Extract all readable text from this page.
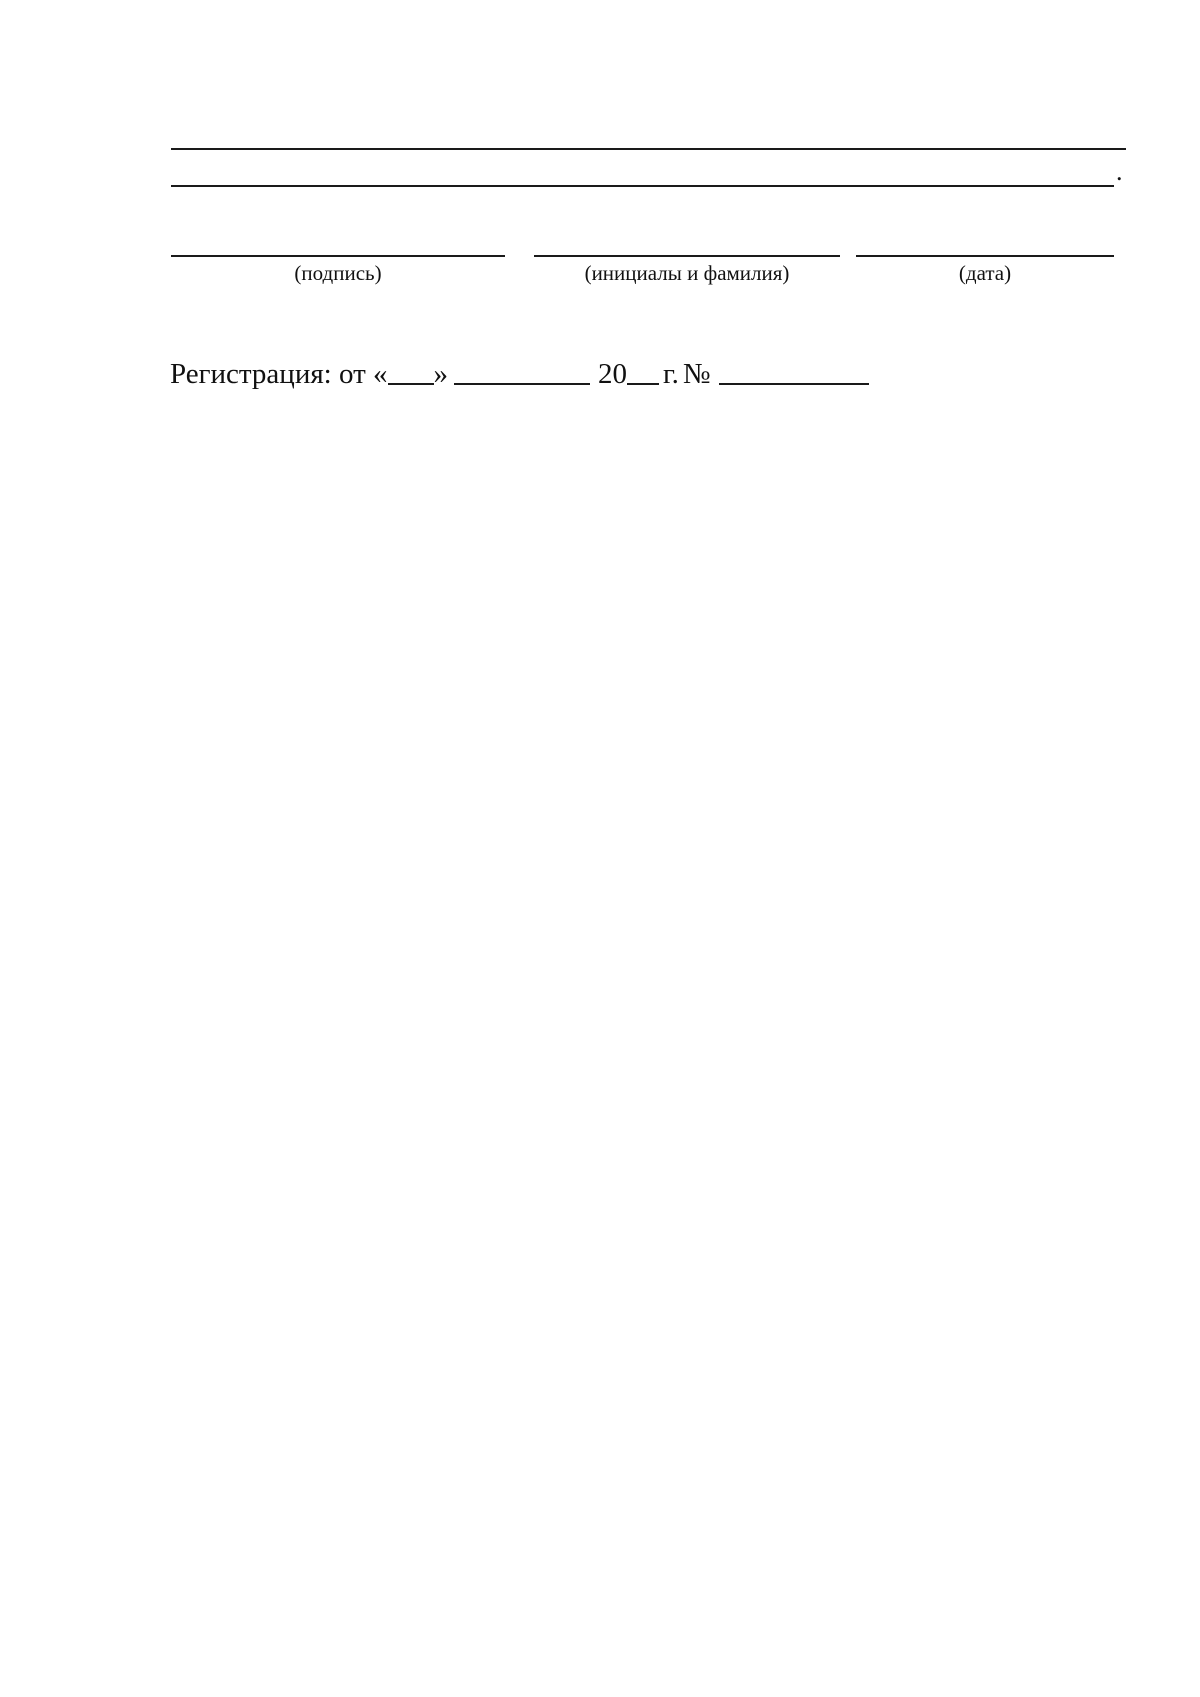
.
(подпись)	(инициалы и фамилия)	(дата)
Регистрация: от « »	20 г. №
